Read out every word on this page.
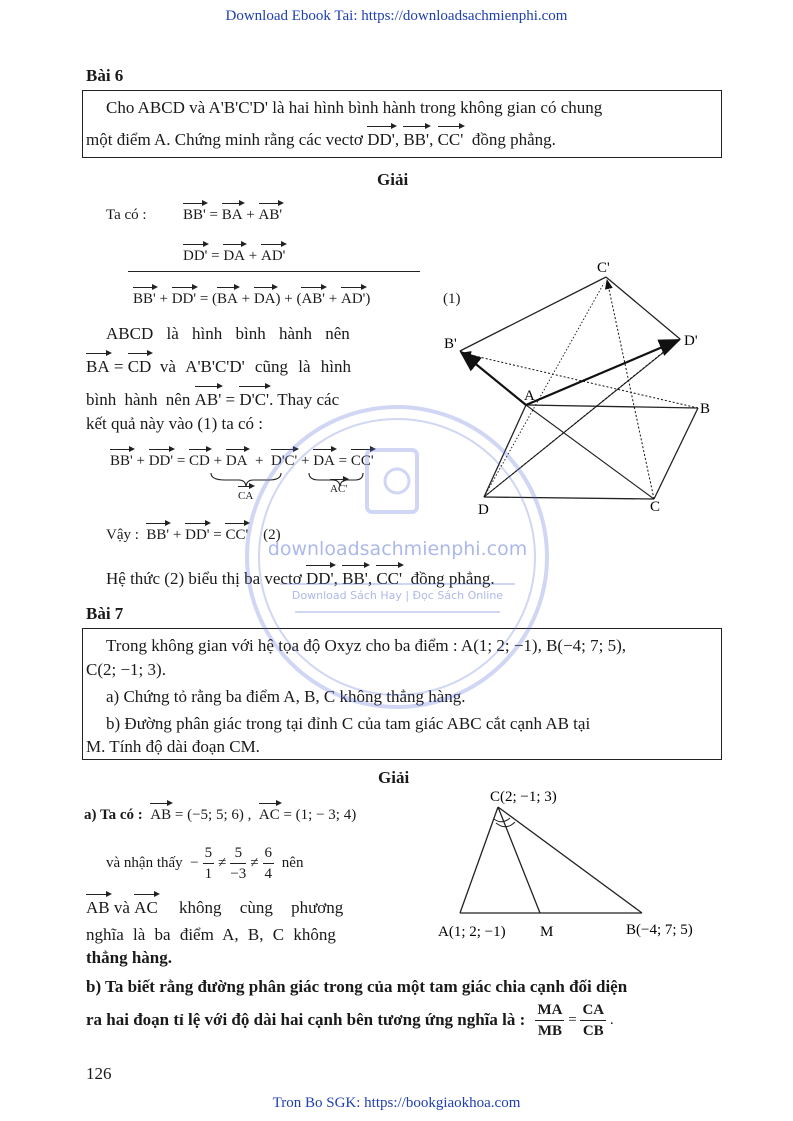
Download Ebook Tai: https://downloadsachmienphi.com
Bài 6
Cho ABCD và A'B'C'D' là hai hình bình hành trong không gian có chung
một điểm A. Chứng minh rằng các vectơ DD', BB', CC' đồng phẳng.
Giải
Ta có : BB' = BA + AB'
DD' = DA + AD'
BB' + DD' = (BA + DA) + (AB' + AD')	(1)
ABCD là hình bình hành nên
BA = CD và A'B'C'D' cũng là hình
bình hành nên AB' = D'C'. Thay các
kết quả này vào (1) ta có :
BB' + DD' = CD + DA  +  D'C' + DA = CC'
CA
AC'
Vậy : BB' + DD' = CC' (2)
Hệ thức (2) biểu thị ba vectơ DD', BB', CC' đồng phẳng.
C'
B'	D'
A
B
D	C
Bài 7
Trong không gian với hệ tọa độ Oxyz cho ba điểm : A(1; 2; −1), B(−4; 7; 5),
C(2; −1; 3).
a) Chứng tỏ rằng ba điểm A, B, C không thẳng hàng.
b) Đường phân giác trong tại đỉnh C của tam giác ABC cắt cạnh AB tại
M. Tính độ dài đoạn CM.
Giải
a) Ta có : AB = (−5; 5; 6) , AC = (1; − 3; 4)
và nhận thấy − $\frac{5}{1} \ne \frac{5}{-3} \ne \frac{6}{4}$
nên
AB và AC không cùng phương
nghĩa là ba điểm A, B, C không
thẳng hàng.
C(2; −1; 3)
A(1; 2; −1) M	B(−4; 7; 5)
b) Ta biết rằng đường phân giác trong của một tam giác chia cạnh đối diện
ra hai đoạn tỉ lệ với độ dài hai cạnh bên tương ứng nghĩa là :
$\frac{MA}{MB} = \frac{CA}{CB}$ .
126
Tron Bo SGK: https://bookgiaokhoa.com
downloadsachmienphi.com
Download Sách Hay | Đọc Sách Online
